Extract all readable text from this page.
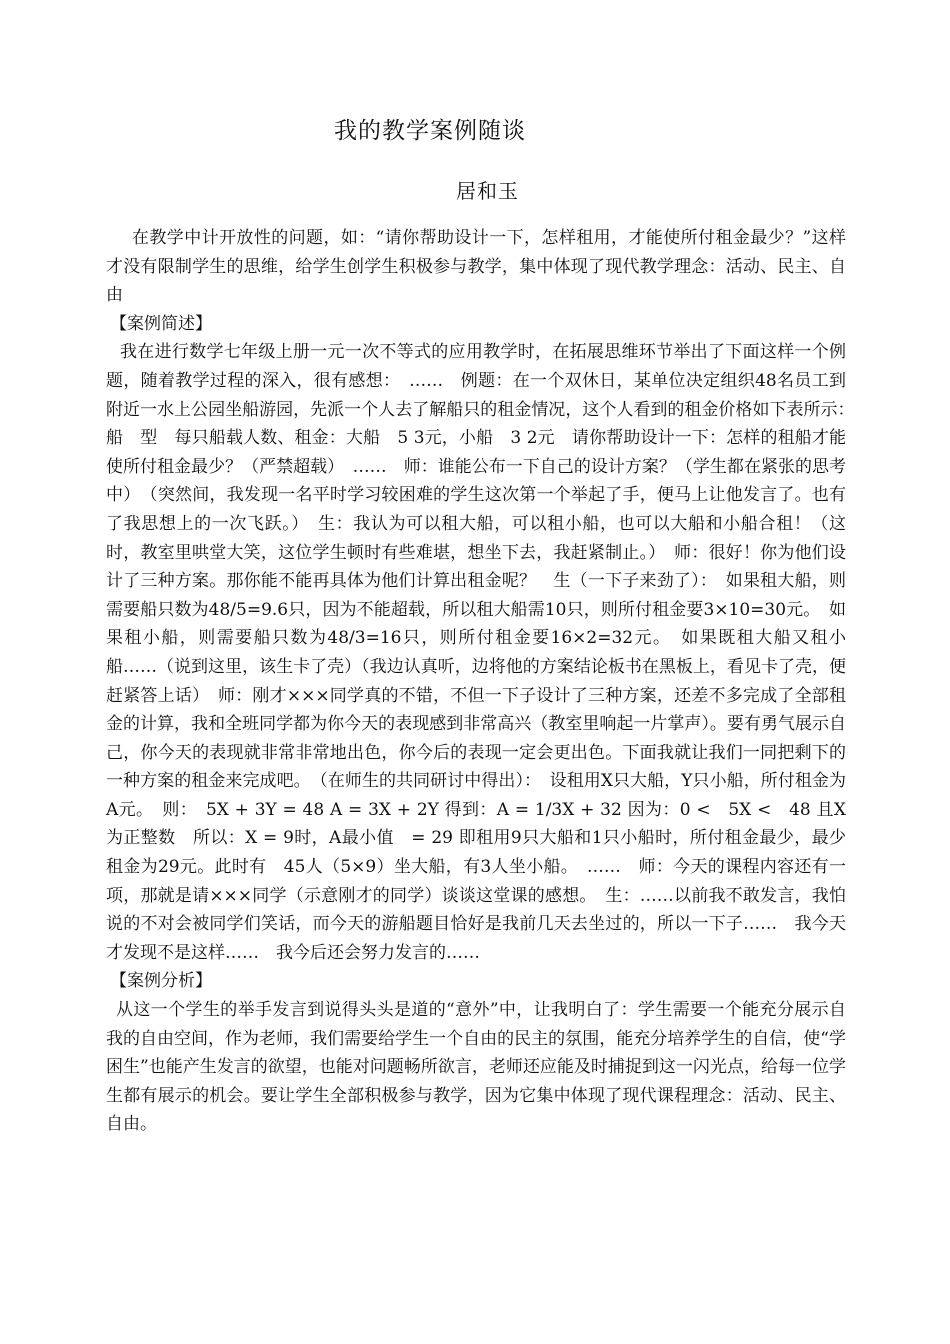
我的教学案例随谈

居和玉

在教学中计开放性的问题，如：“请你帮助设计一下，怎样租用，才能使所付租金最少？”这样才没有限制学生的思维，给学生创学生积极参与教学，集中体现了现代教学理念：活动、民主、自由

【案例简述】

我在进行数学七年级上册一元一次不等式的应用教学时，在拓展思维环节举出了下面这样一个例题，随着教学过程的深入，很有感想：　……　例题：在一个双休日，某单位决定组织48名员工到附近一水上公园坐船游园，先派一个人去了解船只的租金情况，这个人看到的租金价格如下表所示：　船　型　每只船载人数、租金：大船　5 3元，小船　3 2元　请你帮助设计一下：怎样的租船才能使所付租金最少？（严禁超载）　……　师：谁能公布一下自己的设计方案？（学生都在紧张的思考中）　（突然间，我发现一名平时学习较困难的学生这次第一个举起了手，便马上让他发言了。也有了我思想上的一次飞跃。）　生：我认为可以租大船，可以租小船，也可以大船和小船合租！（这时，教室里哄堂大笑，这位学生顿时有些难堪，想坐下去，我赶紧制止。）　师：很好！你为他们设计了三种方案。那你能不能再具体为他们计算出租金呢？　生（一下子来劲了）：　如果租大船，则需要船只数为48/5=9.6只，因为不能超载，所以租大船需10只，则所付租金要3×10=30元。　如果租小船，则需要船只数为48/3=16只，则所付租金要16×2=32元。　如果既租大船又租小船……（说到这里，该生卡了壳）（我边认真听，边将他的方案结论板书在黑板上，看见卡了壳，便赶紧答上话）　师：刚才×××同学真的不错，不但一下子设计了三种方案，还差不多完成了全部租金的计算，我和全班同学都为你今天的表现感到非常高兴（教室里响起一片掌声）。要有勇气展示自己，你今天的表现就非常非常地出色，你今后的表现一定会更出色。下面我就让我们一同把剩下的一种方案的租金来完成吧。　（在师生的共同研讨中得出）：　设租用X只大船，Y只小船，所付租金为A元。　则：　5X + 3Y = 48 A = 3X + 2Y 得到：A = 1/3X + 32 因为：0 <　5X <　48 且X为正整数　所以：X = 9时，A最小值　= 29 即租用9只大船和1只小船时，所付租金最少，最少租金为29元。此时有　45人（5×9）坐大船，有3人坐小船。　……　师：今天的课程内容还有一项，那就是请×××同学（示意刚才的同学）谈谈这堂课的感想。　生：……以前我不敢发言，我怕说的不对会被同学们笑话，而今天的游船题目恰好是我前几天去坐过的，所以一下子……　我今天才发现不是这样……　我今后还会努力发言的……

【案例分析】

从这一个学生的举手发言到说得头头是道的“意外”中，让我明白了：学生需要一个能充分展示自我的自由空间，作为老师，我们需要给学生一个自由的民主的氛围，能充分培养学生的自信，使“学困生”也能产生发言的欲望，也能对问题畅所欲言，老师还应能及时捕捉到这一闪光点，给每一位学生都有展示的机会。要让学生全部积极参与教学，因为它集中体现了现代课程理念：活动、民主、自由。
